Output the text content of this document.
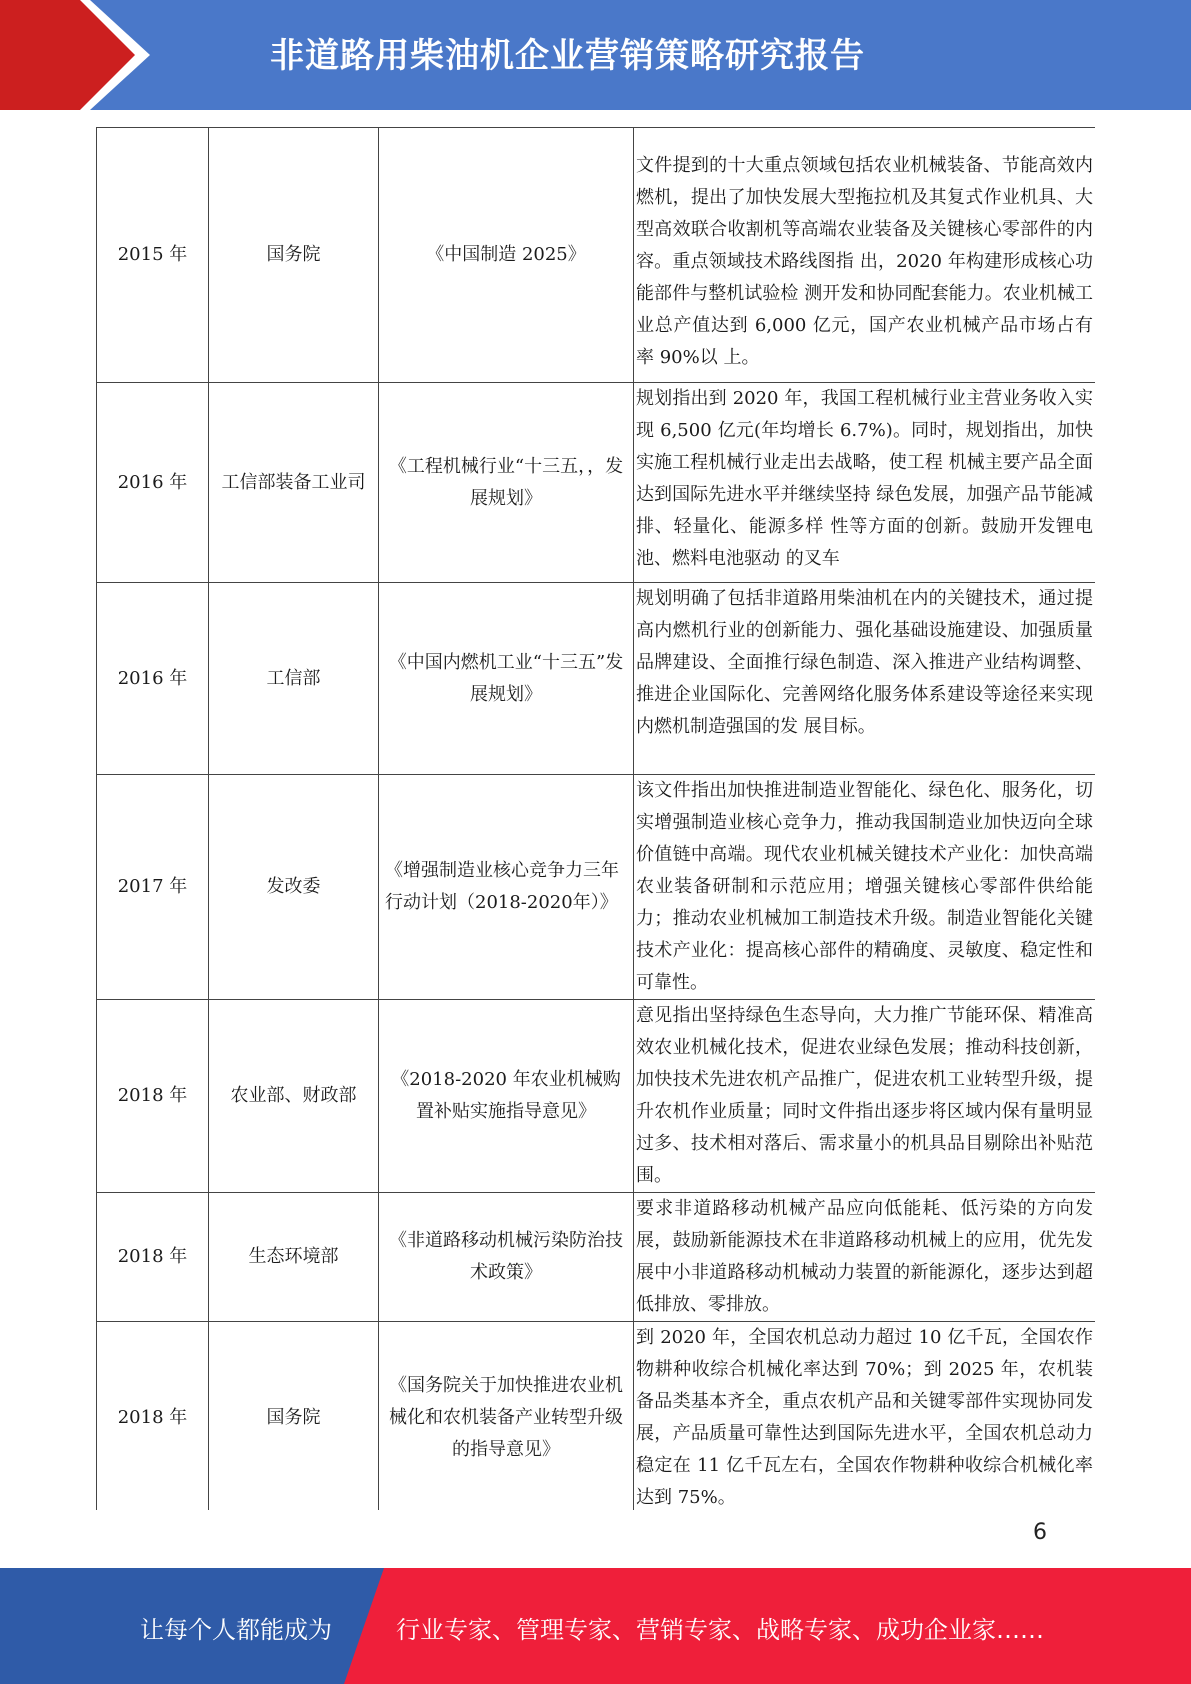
非道路用柴油机企业营销策略研究报告
2015 年	国务院	《中国制造 2025》	文件提到的十大重点领域包括农业机械装备、节能高效内燃机，提出了加快发展大型拖拉机及其复式作业机具、大型高效联合收割机等高端农业装备及关键核心零部件的内容。重点领域技术路线图指 出，2020 年构建形成核心功能部件与整机试验检 测开发和协同配套能力。农业机械工业总产值达到 6,000 亿元，国产农业机械产品市场占有率 90%以 上。

2016 年	工信部装备工业司	《工程机械行业“十三五，，发 展规划》	规划指出到 2020 年，我国工程机械行业主营业务收入实现 6,500 亿元(年均增长 6.7%)。同时，规划指出，加快实施工程机械行业走出去战略，使工程 机械主要产品全面达到国际先进水平并继续坚持 绿色发展，加强产品节能减排、轻量化、能源多样 性等方面的创新。鼓励开发锂电池、燃料电池驱动 的叉车

2016 年	工信部	《中国内燃机工业“十三五”发展规划》	规划明确了包括非道路用柴油机在内的关键技术，通过提高内燃机行业的创新能力、强化基础设施建设、加强质量品牌建设、全面推行绿色制造、深入推进产业结构调整、推进企业国际化、完善网络化服务体系建设等途径来实现内燃机制造强国的发 展目标。

2017 年	发改委	《增强制造业核心竞争力三年行动计划（2018-2020年）》	该文件指出加快推进制造业智能化、绿色化、服务化，切实增强制造业核心竞争力，推动我国制造业加快迈向全球价值链中高端。现代农业机械关键技术产业化：加快高端农业装备研制和示范应用；增强关键核心零部件供给能力；推动农业机械加工制造技术升级。制造业智能化关键技术产业化：提高核心部件的精确度、灵敏度、稳定性和可靠性。

2018 年	农业部、财政部	《2018-2020 年农业机械购置补贴实施指导意见》	意见指出坚持绿色生态导向，大力推广节能环保、精准高效农业机械化技术，促进农业绿色发展；推动科技创新，加快技术先进农机产品推广，促进农机工业转型升级，提升农机作业质量；同时文件指出逐步将区域内保有量明显过多、技术相对落后、需求量小的机具品目剔除出补贴范围。

2018 年	生态环境部	《非道路移动机械污染防治技术政策》	要求非道路移动机械产品应向低能耗、低污染的方向发展，鼓励新能源技术在非道路移动机械上的应用，优先发展中小非道路移动机械动力装置的新能源化，逐步达到超低排放、零排放。

2018 年	国务院	《国务院关于加快推进农业机械化和农机装备产业转型升级的指导意见》	到 2020 年，全国农机总动力超过 10 亿千瓦，全国农作物耕种收综合机械化率达到 70%；到 2025 年，农机装备品类基本齐全，重点农机产品和关键零部件实现协同发展，产品质量可靠性达到国际先进水平，全国农机总动力稳定在 11 亿千瓦左右，全国农作物耕种收综合机械化率达到 75%。
6
让每个人都能成为	行业专家、管理专家、营销专家、战略专家、成功企业家……
